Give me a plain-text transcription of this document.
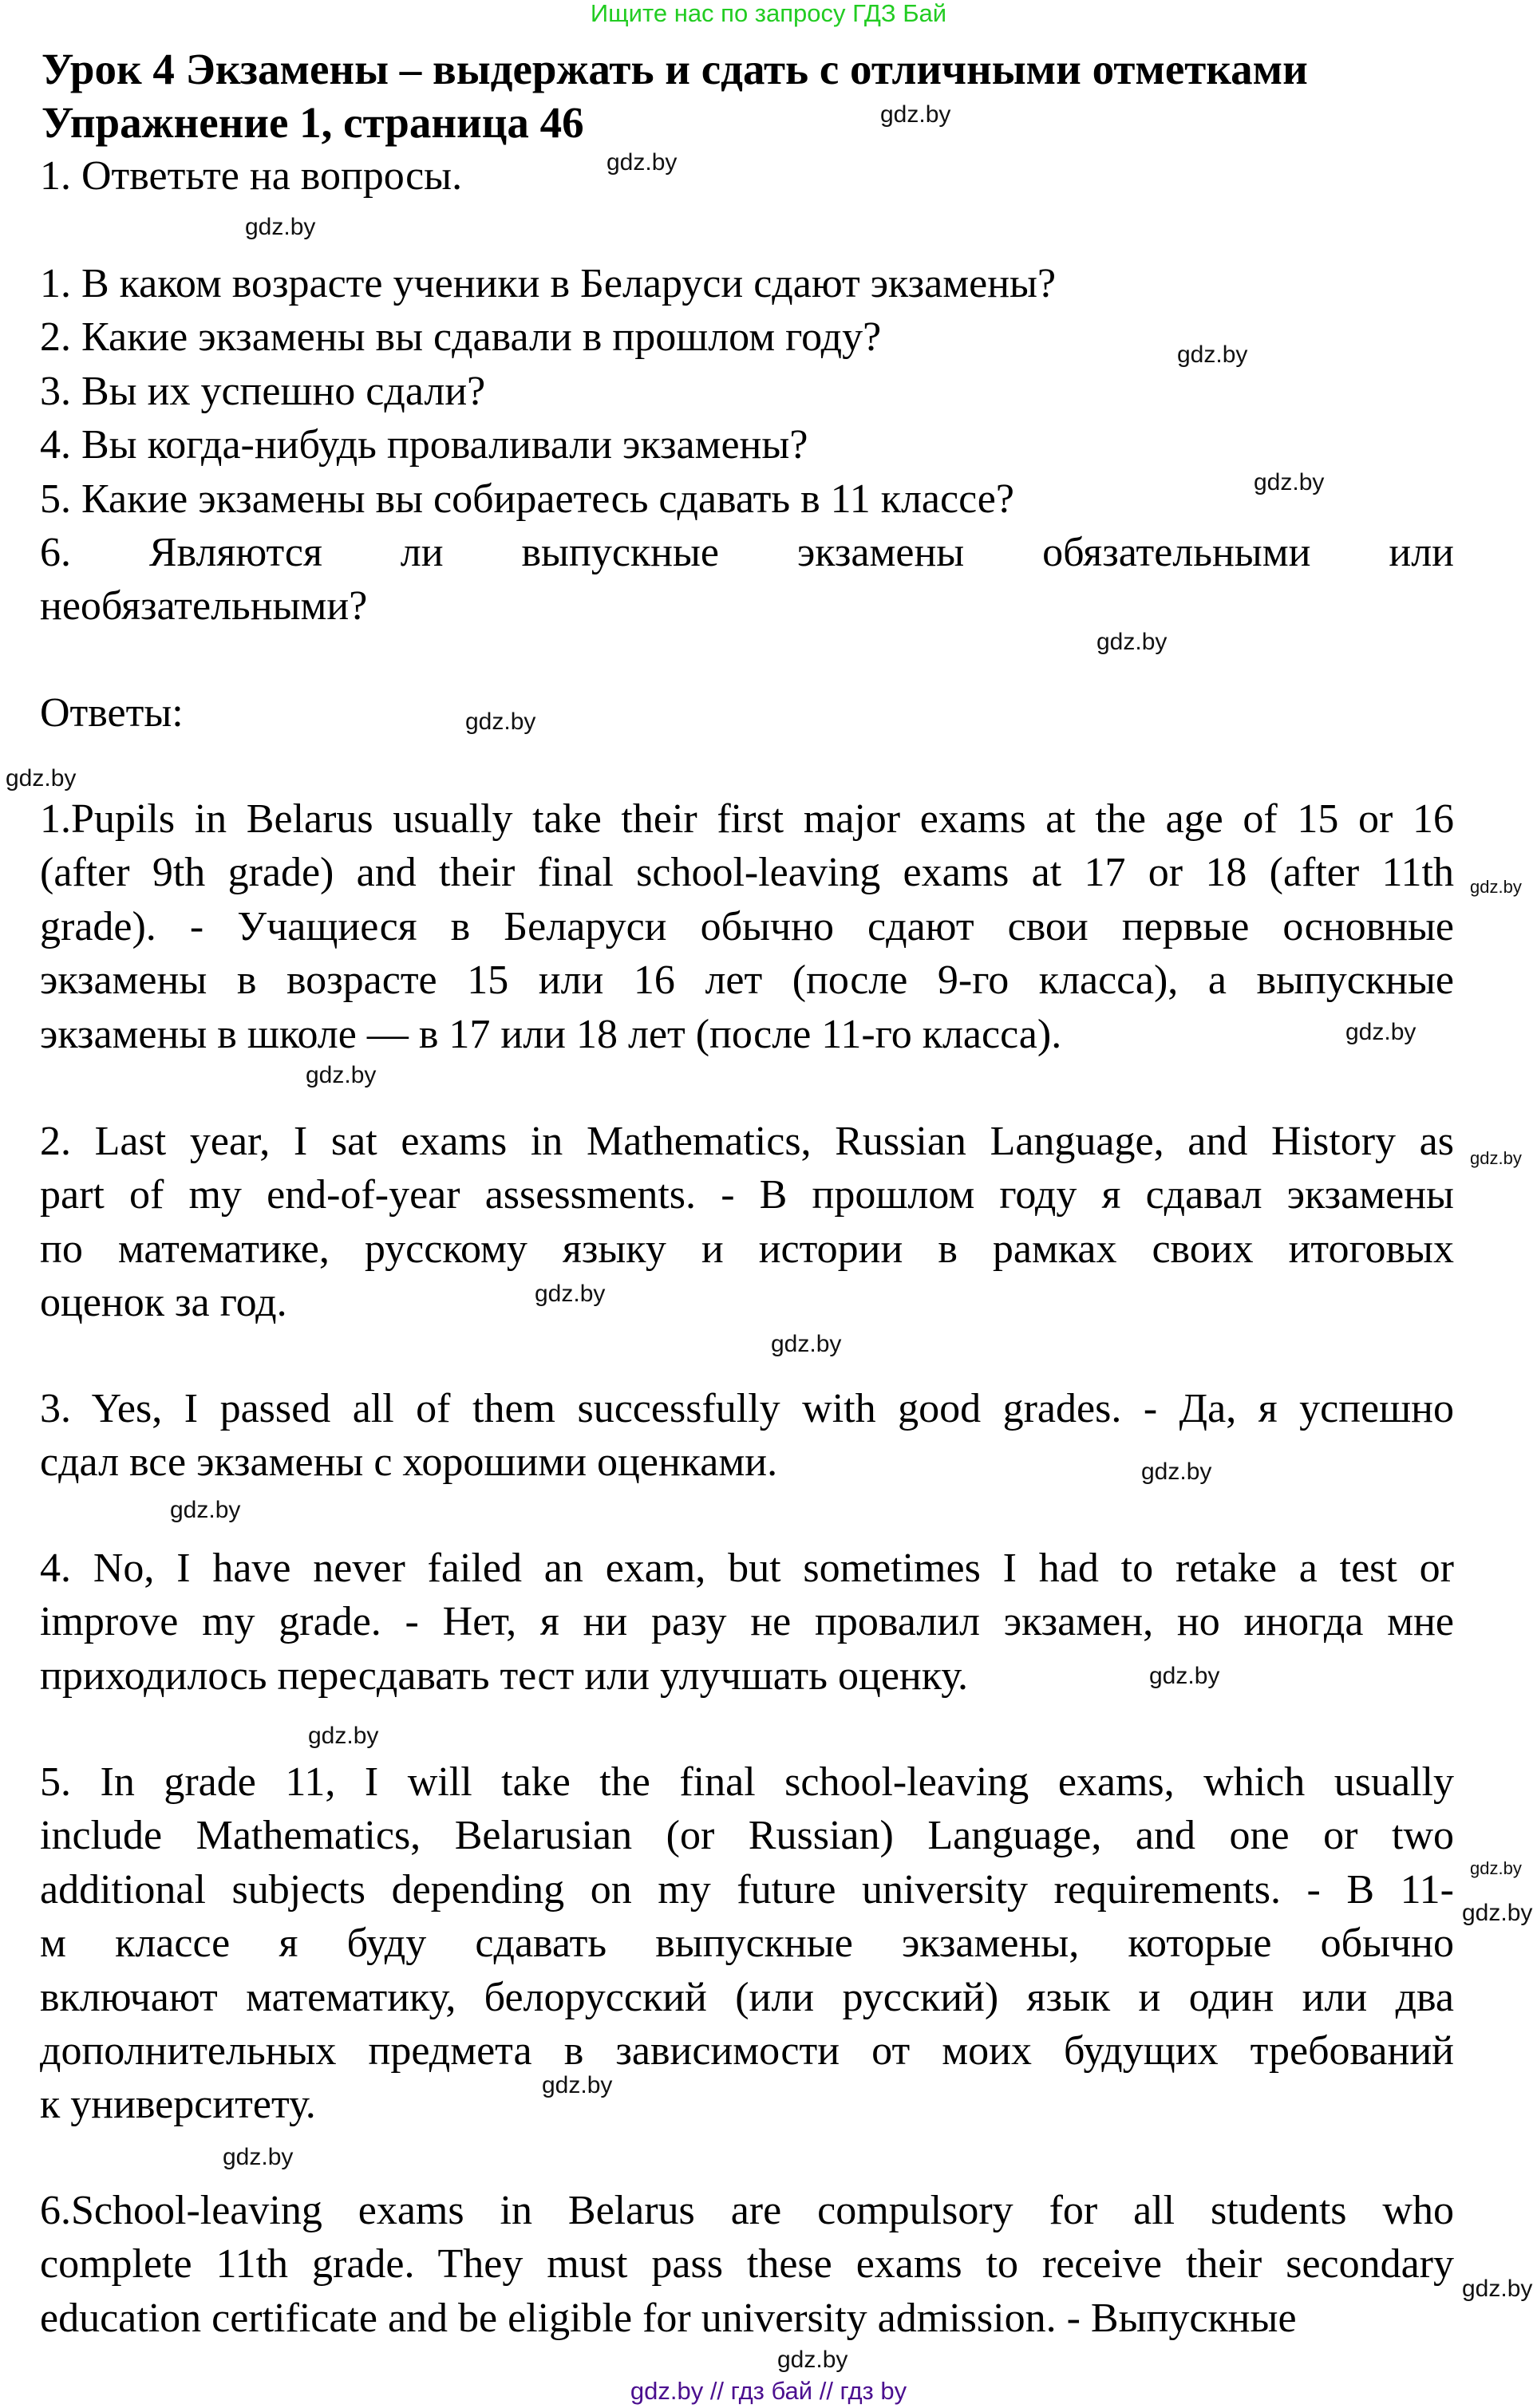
Ищите нас по запросу ГДЗ Бай
Урок 4 Экзамены – выдержать и сдать с отличными отметками
Упражнение 1, страница 46
1. Ответьте на вопросы.
Ответы:
1. В каком возрасте ученики в Беларуси сдают экзамены?
2. Какие экзамены вы сдавали в прошлом году?
3. Вы их успешно сдали?
4. Вы когда-нибудь проваливали экзамены?
5. Какие экзамены вы собираетесь сдавать в 11 классе?
6. Являются ли выпускные экзамены обязательными или
необязательными?
1.Pupils in Belarus usually take their first major exams at the age of 15 or 16
(after 9th grade) and their final school-leaving exams at 17 or 18 (after 11th
grade). - Учащиеся в Беларуси обычно сдают свои первые основные
экзамены в возрасте 15 или 16 лет (после 9-го класса), а выпускные
экзамены в школе — в 17 или 18 лет (после 11-го класса).
2. Last year, I sat exams in Mathematics, Russian Language, and History as
part of my end-of-year assessments. - В прошлом году я сдавал экзамены
по математике, русскому языку и истории в рамках своих итоговых
оценок за год.
3. Yes, I passed all of them successfully with good grades. - Да, я успешно
сдал все экзамены с хорошими оценками.
4. No, I have never failed an exam, but sometimes I had to retake a test or
improve my grade. - Нет, я ни разу не провалил экзамен, но иногда мне
приходилось пересдавать тест или улучшать оценку.
5. In grade 11, I will take the final school-leaving exams, which usually
include Mathematics, Belarusian (or Russian) Language, and one or two
additional subjects depending on my future university requirements. - В 11-
м классе я буду сдавать выпускные экзамены, которые обычно
включают математику, белорусский (или русский) язык и один или два
дополнительных предмета в зависимости от моих будущих требований
к университету.
6.School-leaving exams in Belarus are compulsory for all students who
complete 11th grade. They must pass these exams to receive their secondary
education certificate and be eligible for university admission. - Выпускные
gdz.by // гдз бай // гдз by
gdz.by
gdz.by
gdz.by
gdz.by
gdz.by
gdz.by
gdz.by
gdz.by
gdz.by
gdz.by
gdz.by
gdz.by
gdz.by
gdz.by
gdz.by
gdz.by
gdz.by
gdz.by
gdz.by
gdz.by
gdz.by
gdz.by
gdz.by
gdz.by
